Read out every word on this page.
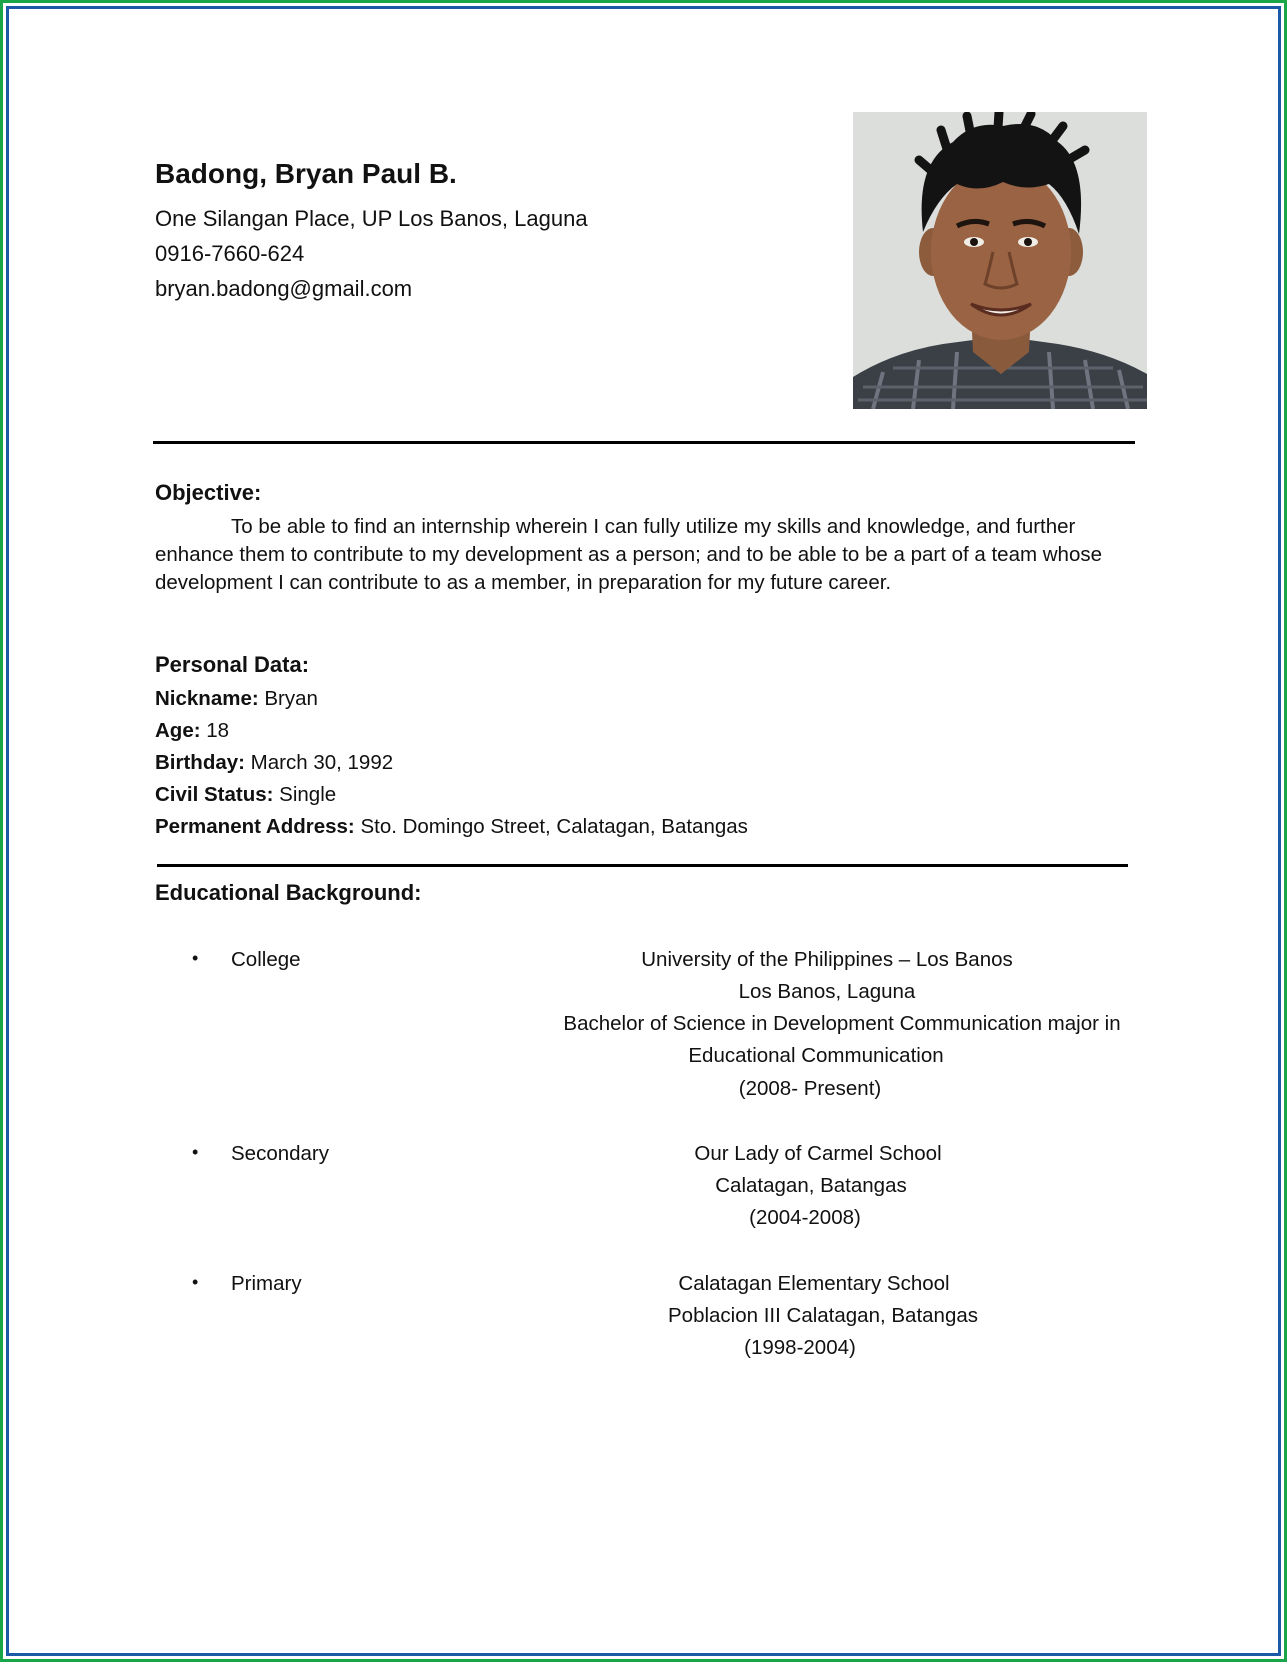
Badong, Bryan Paul B.
One Silangan Place, UP Los Banos, Laguna
0916-7660-624
bryan.badong@gmail.com
Objective:
To be able to find an internship wherein I can fully utilize my skills and knowledge, and further enhance them to contribute to my development as a person; and to be able to be a part of a team whose development I can contribute to as a member, in preparation for my future career.
Personal Data:
Nickname: Bryan
Age: 18
Birthday: March 30, 1992
Civil Status: Single
Permanent Address: Sto. Domingo Street, Calatagan, Batangas
Educational Background:
• College	University of the Philippines – Los Banos
Los Banos, Laguna
Bachelor of Science in Development Communication major in
Educational Communication
(2008- Present)
• Secondary	Our Lady of Carmel School
Calatagan, Batangas
(2004-2008)
• Primary	Calatagan Elementary School
Poblacion III Calatagan, Batangas
(1998-2004)
